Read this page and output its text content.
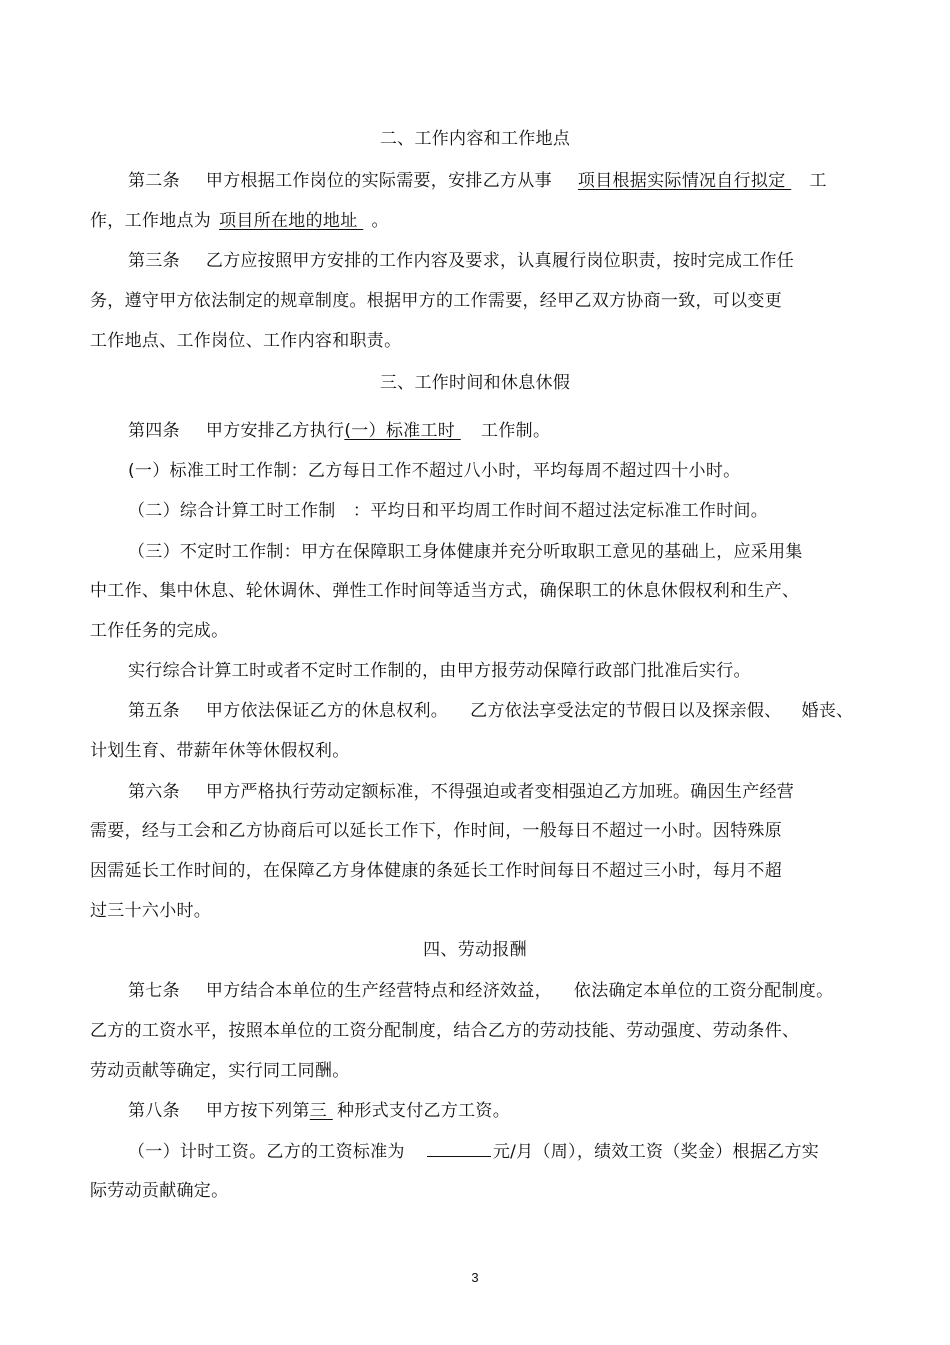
二、工作内容和工作地点
第二条 甲方根据工作岗位的实际需要，安排乙方从事 项目根据实际情况自行拟定 工
作，工作地点为 项目所在地的地址 。
第三条 乙方应按照甲方安排的工作内容及要求，认真履行岗位职责，按时完成工作任
务，遵守甲方依法制定的规章制度。根据甲方的工作需要，经甲乙双方协商一致，可以变更
工作地点、工作岗位、工作内容和职责。
三、工作时间和休息休假
第四条 甲方安排乙方执行(一）标准工时 工作制。
(一）标准工时工作制：乙方每日工作不超过八小时，平均每周不超过四十小时。
（二）综合计算工时工作制　：平均日和平均周工作时间不超过法定标准工作时间。
（三）不定时工作制：甲方在保障职工身体健康并充分听取职工意见的基础上，应采用集
中工作、集中休息、轮休调休、弹性工作时间等适当方式，确保职工的休息休假权利和生产、
工作任务的完成。
实行综合计算工时或者不定时工作制的，由甲方报劳动保障行政部门批准后实行。
第五条 甲方依法保证乙方的休息权利。 乙方依法享受法定的节假日以及探亲假、 婚丧、
计划生育、带薪年休等休假权利。
第六条 甲方严格执行劳动定额标准，不得强迫或者变相强迫乙方加班。确因生产经营
需要，经与工会和乙方协商后可以延长工作下，作时间，一般每日不超过一小时。因特殊原
因需延长工作时间的，在保障乙方身体健康的条延长工作时间每日不超过三小时，每月不超
过三十六小时。
四、劳动报酬
第七条 甲方结合本单位的生产经营特点和经济效益， 依法确定本单位的工资分配制度。
乙方的工资水平，按照本单位的工资分配制度，结合乙方的劳动技能、劳动强度、劳动条件、
劳动贡献等确定，实行同工同酬。
第八条 甲方按下列第三 种形式支付乙方工资。
（一）计时工资。乙方的工资标准为	元/月（周），绩效工资（奖金）根据乙方实
际劳动贡献确定。
3
